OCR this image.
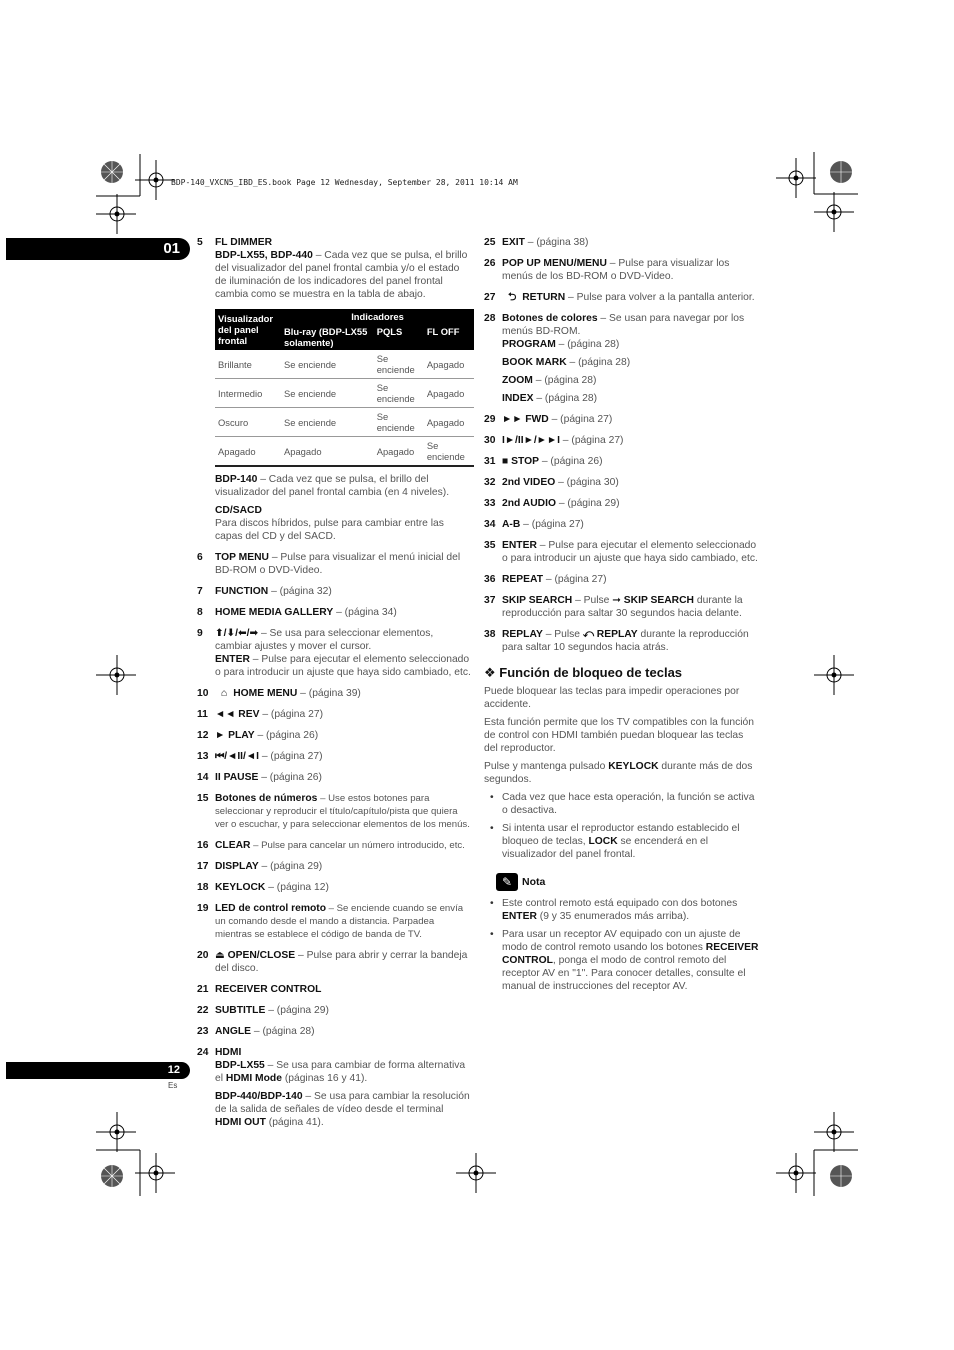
BDP-140_VXCN5_IBD_ES.book Page 12 Wednesday, September 28, 2011 10:14 AM
01
12
Es
5 FL DIMMER
BDP-LX55, BDP-440 – Cada vez que se pulsa, el brillo del visualizador del panel frontal cambia y/o el estado de iluminación de los indicadores del panel frontal cambia como se muestra en la tabla de abajo.
Visualizador del panel frontal	Indicadores		
	Blu-ray (BDP-LX55 solamente)	PQLS	FL OFF
Brillante	Se enciende	Se enciende	Apagado
Intermedio	Se enciende	Se enciende	Apagado
Oscuro	Se enciende	Se enciende	Apagado
Apagado	Apagado	Apagado	Se enciende
BDP-140 – Cada vez que se pulsa, el brillo del visualizador del panel frontal cambia (en 4 niveles).
CD/SACD
Para discos híbridos, pulse para cambiar entre las capas del CD y del SACD.
6 TOP MENU – Pulse para visualizar el menú inicial del BD-ROM o DVD-Video.
7 FUNCTION – (página 32)
8 HOME MEDIA GALLERY – (página 34)
9 ⬆/⬇/⬅/➡ – Se usa para seleccionar elementos, cambiar ajustes y mover el cursor.
ENTER – Pulse para ejecutar el elemento seleccionado o para introducir un ajuste que haya sido cambiado, etc.
10 ⌂ HOME MENU – (página 39)
11 ◄◄ REV – (página 27)
12 ► PLAY – (página 26)
13 ⏮/◄II/◄I – (página 27)
14 II PAUSE – (página 26)
15 Botones de números – Use estos botones para seleccionar y reproducir el título/capítulo/pista que quiera ver o escuchar, y para seleccionar elementos de los menús.
16 CLEAR – Pulse para cancelar un número introducido, etc.
17 DISPLAY – (página 29)
18 KEYLOCK – (página 12)
19 LED de control remoto – Se enciende cuando se envía un comando desde el mando a distancia. Parpadea mientras se establece el código de banda de TV.
20 ⏏ OPEN/CLOSE – Pulse para abrir y cerrar la bandeja del disco.
21 RECEIVER CONTROL
22 SUBTITLE – (página 29)
23 ANGLE – (página 28)
24 HDMI
BDP-LX55 – Se usa para cambiar de forma alternativa el HDMI Mode (páginas 16 y 41).
BDP-440/BDP-140 – Se usa para cambiar la resolución de la salida de señales de vídeo desde el terminal HDMI OUT (página 41).
25 EXIT – (página 38)
26 POP UP MENU/MENU – Pulse para visualizar los menús de los BD-ROM o DVD-Video.
27 ⮌ RETURN – Pulse para volver a la pantalla anterior.
28 Botones de colores – Se usan para navegar por los menús BD-ROM.
PROGRAM – (página 28)
BOOK MARK – (página 28)
ZOOM – (página 28)
INDEX – (página 28)
29 ►► FWD – (página 27)
30 I►/II►/►►I – (página 27)
31 ■ STOP – (página 26)
32 2nd VIDEO – (página 30)
33 2nd AUDIO – (página 29)
34 A-B – (página 27)
35 ENTER – Pulse para ejecutar el elemento seleccionado o para introducir un ajuste que haya sido cambiado, etc.
36 REPEAT – (página 27)
37 SKIP SEARCH – Pulse ➞ SKIP SEARCH durante la reproducción para saltar 30 segundos hacia delante.
38 REPLAY – Pulse ⤺ REPLAY durante la reproducción para saltar 10 segundos hacia atrás.
❖ Función de bloqueo de teclas
Puede bloquear las teclas para impedir operaciones por accidente.
Esta función permite que los TV compatibles con la función de control con HDMI también puedan bloquear las teclas del reproductor.
Pulse y mantenga pulsado KEYLOCK durante más de dos segundos.
• Cada vez que hace esta operación, la función se activa o desactiva.
• Si intenta usar el reproductor estando establecido el bloqueo de teclas, LOCK se encenderá en el visualizador del panel frontal.
✎ Nota
• Este control remoto está equipado con dos botones ENTER (9 y 35 enumerados más arriba).
• Para usar un receptor AV equipado con un ajuste de modo de control remoto usando los botones RECEIVER CONTROL, ponga el modo de control remoto del receptor AV en "1". Para conocer detalles, consulte el manual de instrucciones del receptor AV.
